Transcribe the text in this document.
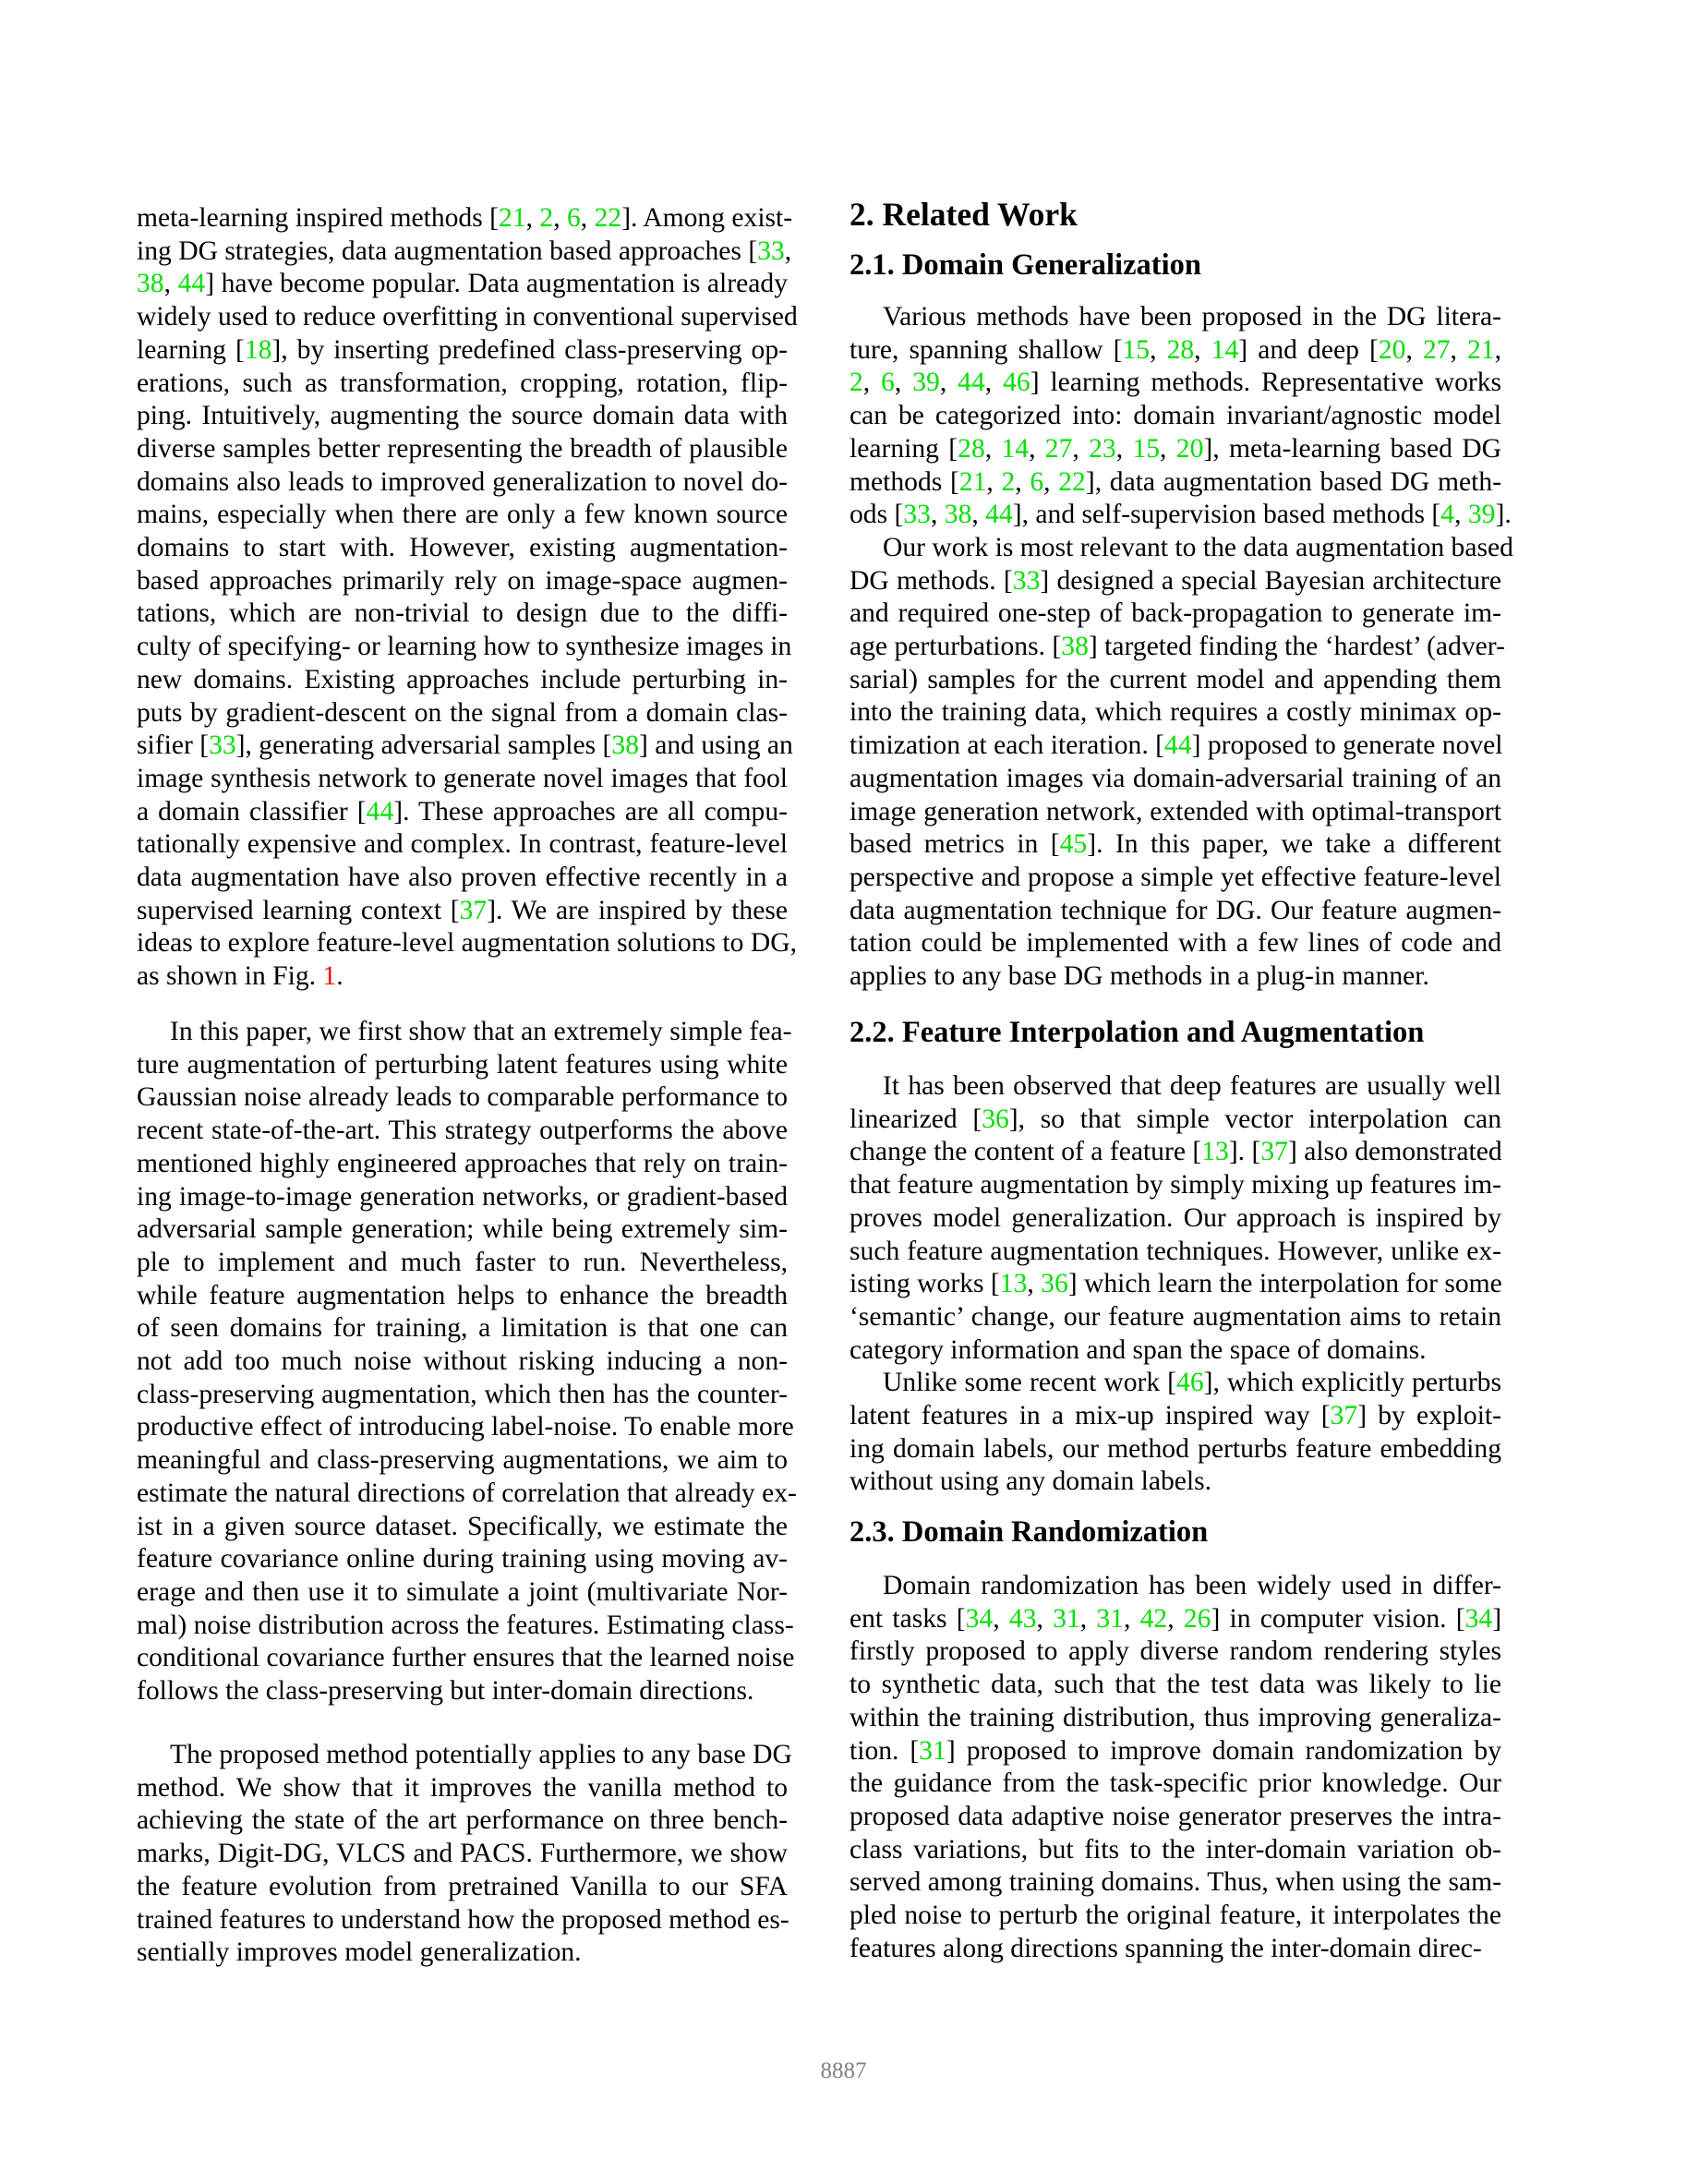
meta-learning inspired methods [21, 2, 6, 22]. Among exist-
ing DG strategies, data augmentation based approaches [33,
38, 44] have become popular. Data augmentation is already
widely used to reduce overfitting in conventional supervised
learning [18], by inserting predefined class-preserving op-
erations, such as transformation, cropping, rotation, flip-
ping. Intuitively, augmenting the source domain data with
diverse samples better representing the breadth of plausible
domains also leads to improved generalization to novel do-
mains, especially when there are only a few known source
domains to start with. However, existing augmentation-
based approaches primarily rely on image-space augmen-
tations, which are non-trivial to design due to the diffi-
culty of specifying- or learning how to synthesize images in
new domains. Existing approaches include perturbing in-
puts by gradient-descent on the signal from a domain clas-
sifier [33], generating adversarial samples [38] and using an
image synthesis network to generate novel images that fool
a domain classifier [44]. These approaches are all compu-
tationally expensive and complex. In contrast, feature-level
data augmentation have also proven effective recently in a
supervised learning context [37]. We are inspired by these
ideas to explore feature-level augmentation solutions to DG,
as shown in Fig. 1.
In this paper, we first show that an extremely simple fea-
ture augmentation of perturbing latent features using white
Gaussian noise already leads to comparable performance to
recent state-of-the-art. This strategy outperforms the above
mentioned highly engineered approaches that rely on train-
ing image-to-image generation networks, or gradient-based
adversarial sample generation; while being extremely sim-
ple to implement and much faster to run. Nevertheless,
while feature augmentation helps to enhance the breadth
of seen domains for training, a limitation is that one can
not add too much noise without risking inducing a non-
class-preserving augmentation, which then has the counter-
productive effect of introducing label-noise. To enable more
meaningful and class-preserving augmentations, we aim to
estimate the natural directions of correlation that already ex-
ist in a given source dataset. Specifically, we estimate the
feature covariance online during training using moving av-
erage and then use it to simulate a joint (multivariate Nor-
mal) noise distribution across the features. Estimating class-
conditional covariance further ensures that the learned noise
follows the class-preserving but inter-domain directions.
The proposed method potentially applies to any base DG
method. We show that it improves the vanilla method to
achieving the state of the art performance on three bench-
marks, Digit-DG, VLCS and PACS. Furthermore, we show
the feature evolution from pretrained Vanilla to our SFA
trained features to understand how the proposed method es-
sentially improves model generalization.
2. Related Work
2.1. Domain Generalization
2.2. Feature Interpolation and Augmentation
2.3. Domain Randomization
Various methods have been proposed in the DG litera-
ture, spanning shallow [15, 28, 14] and deep [20, 27, 21,
2, 6, 39, 44, 46] learning methods. Representative works
can be categorized into: domain invariant/agnostic model
learning [28, 14, 27, 23, 15, 20], meta-learning based DG
methods [21, 2, 6, 22], data augmentation based DG meth-
ods [33, 38, 44], and self-supervision based methods [4, 39].
Our work is most relevant to the data augmentation based
DG methods. [33] designed a special Bayesian architecture
and required one-step of back-propagation to generate im-
age perturbations. [38] targeted finding the ‘hardest’ (adver-
sarial) samples for the current model and appending them
into the training data, which requires a costly minimax op-
timization at each iteration. [44] proposed to generate novel
augmentation images via domain-adversarial training of an
image generation network, extended with optimal-transport
based metrics in [45]. In this paper, we take a different
perspective and propose a simple yet effective feature-level
data augmentation technique for DG. Our feature augmen-
tation could be implemented with a few lines of code and
applies to any base DG methods in a plug-in manner.
It has been observed that deep features are usually well
linearized [36], so that simple vector interpolation can
change the content of a feature [13]. [37] also demonstrated
that feature augmentation by simply mixing up features im-
proves model generalization. Our approach is inspired by
such feature augmentation techniques. However, unlike ex-
isting works [13, 36] which learn the interpolation for some
‘semantic’ change, our feature augmentation aims to retain
category information and span the space of domains.
Unlike some recent work [46], which explicitly perturbs
latent features in a mix-up inspired way [37] by exploit-
ing domain labels, our method perturbs feature embedding
without using any domain labels.
Domain randomization has been widely used in differ-
ent tasks [34, 43, 31, 31, 42, 26] in computer vision. [34]
firstly proposed to apply diverse random rendering styles
to synthetic data, such that the test data was likely to lie
within the training distribution, thus improving generaliza-
tion. [31] proposed to improve domain randomization by
the guidance from the task-specific prior knowledge. Our
proposed data adaptive noise generator preserves the intra-
class variations, but fits to the inter-domain variation ob-
served among training domains. Thus, when using the sam-
pled noise to perturb the original feature, it interpolates the
features along directions spanning the inter-domain direc-
8887
